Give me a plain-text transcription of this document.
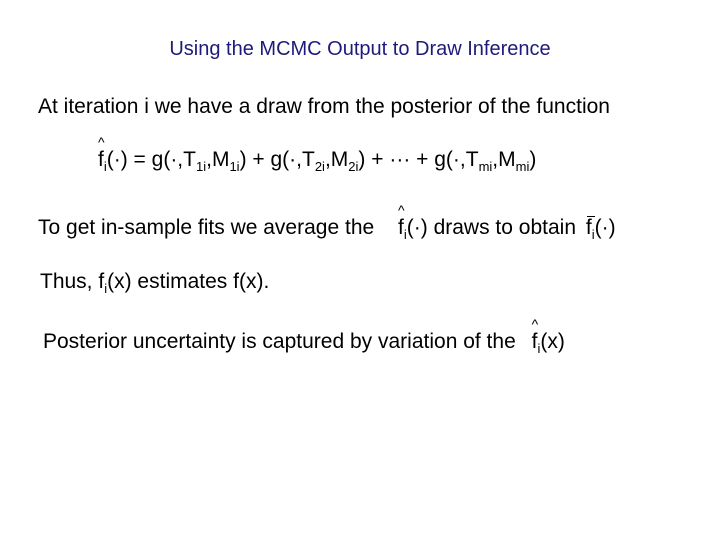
Using the MCMC Output to Draw Inference
At iteration i we have a draw from the posterior of the function
^ $f_i(\cdot) = g(\cdot,T_{1i},M_{1i}) + g(\cdot,T_{2i},M_{2i})$ + ··· + $g(\cdot,T_{mi},M_{mi})$
To get in-sample fits we average the ^ $f_i(\cdot)$ draws to obtain $f_i(\cdot)$
Thus, $f_i(x)$ estimates f(x).
Posterior uncertainty is captured by variation of the ^ $f_i(x)$
